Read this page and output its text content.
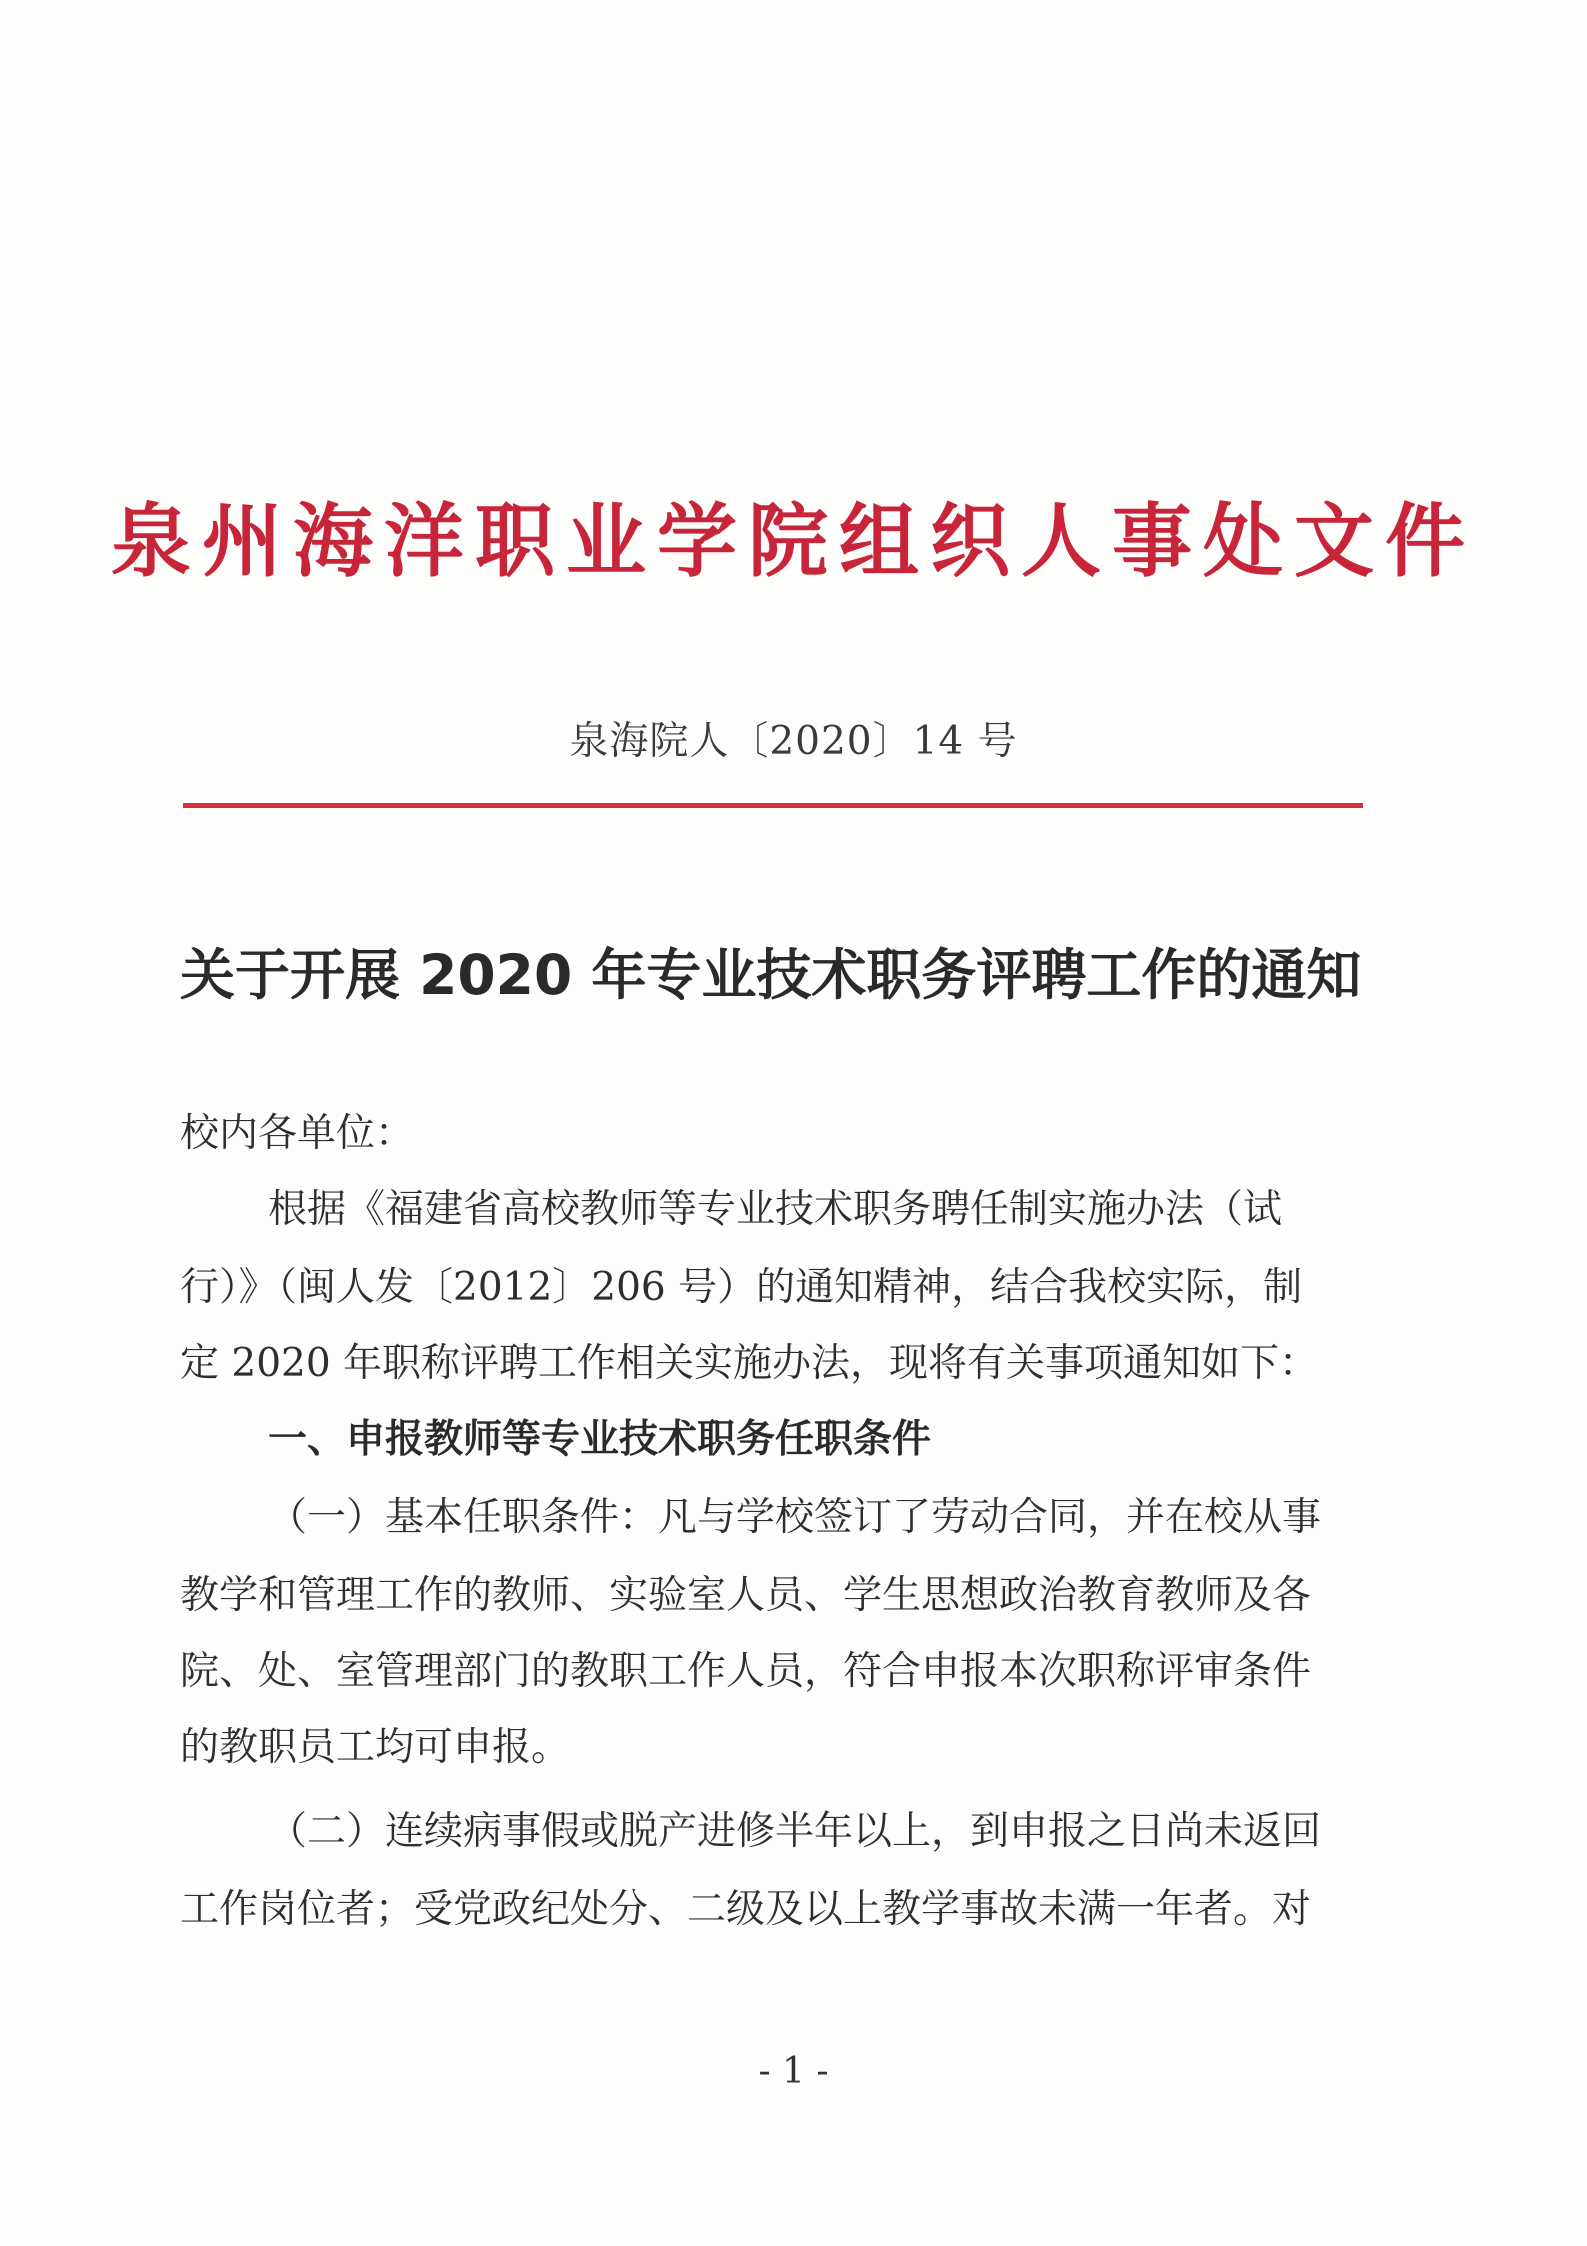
泉州海洋职业学院组织人事处文件
泉海院人〔2020〕14 号
关于开展 2020 年专业技术职务评聘工作的通知
校内各单位：
根据《福建省高校教师等专业技术职务聘任制实施办法（试
行）》（闽人发〔2012〕206 号）的通知精神，结合我校实际，制
定 2020 年职称评聘工作相关实施办法，现将有关事项通知如下：
一、申报教师等专业技术职务任职条件
（一）基本任职条件：凡与学校签订了劳动合同，并在校从事
教学和管理工作的教师、实验室人员、学生思想政治教育教师及各
院、处、室管理部门的教职工作人员，符合申报本次职称评审条件
的教职员工均可申报。
（二）连续病事假或脱产进修半年以上，到申报之日尚未返回
工作岗位者；受党政纪处分、二级及以上教学事故未满一年者。对
- 1 -
